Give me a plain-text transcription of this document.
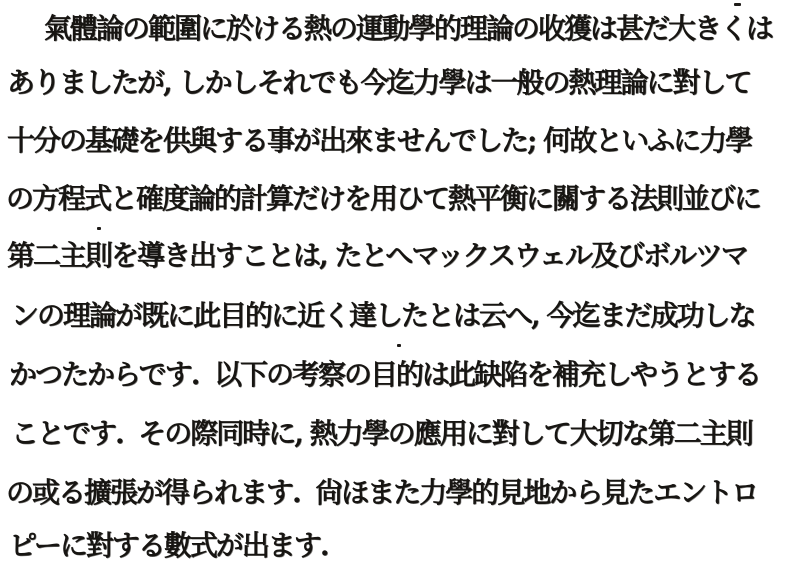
氣體論の範圍に於ける熱の運動學的理論の收獲は甚だ大きくは
ありましたが, しかしそれでも今迄力學は一般の熱理論に對して
十分の基礎を供與する事が出來ませんでした; 何故といふに力學
の方程式と確度論的計算だけを用ひて熱平衡に關する法則並びに
第二主則を導き出すことは, たとへマックスウェル及びボルツマ
ンの理論が既に此目的に近く達したとは云へ, 今迄まだ成功しな
かつたからです.  以下の考察の目的は此缺陷を補充しやうとする
ことです.  その際同時に, 熱力學の應用に對して大切な第二主則
の或る擴張が得られます.  尙ほまた力學的見地から見たエントロ
ピーに對する數式が出ます.
